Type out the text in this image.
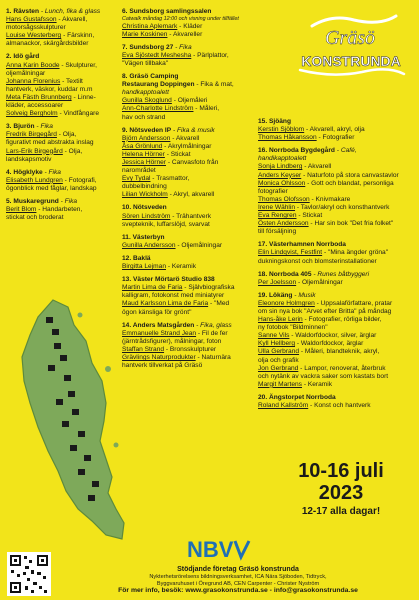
1. Rävsten - Lunch, fika & glass
Hans Gustafsson - Akvarell,
motorsågsskulpturer
Louise Westerberg - Färskinn,
almanackor, skärgårdsbilder
2. Idö gård
Anna Karin Boode - Skulpturer,
oljemålningar
Johanna Florenius - Textilt
hantverk, väskor, kuddar m.m
Meta Fästh Brunnberg - Linne-
kläder, accessoarer
Solveig Bergholm - Vindfångare
3. Bjurön - Fika
Fredrik Birgegård - Olja,
figurativt med abstrakta inslag
Lars-Erik Birgegård - Olja,
landskapsmotiv
4. Högklyke - Fika
Elisabeth Lundgren - Fotografi,
ögonblick med fåglar, landskap
5. Muskaregrund - Fika
Berit Blom - Handarbeten,
stickat och broderat
6. Sundsborg samlingssalen
Catwalk måndag 12:00 och visning under tillfället
Christina Aplemark - Kläder
Marie Koskinen - Akvareller
7. Sundsborg 27 - Fika
Eva Sjöstedt Meshesha - Pärlplattor,
"Vägen tillbaka"
8. Gräsö Camping
Restaurang Doppingen - Fika & mat,
handkapptoalett
Gunilla Skoglund - Oljemåleri
Ann-Charlotte Lindström - Måleri,
hav och strand
9. Nötsveden IP - Fika & musik
Björn Andersson - Akvarell
Åsa Grönlund - Akrylmålningar
Helena Hörner - Stickat
Jessica Hörner - Canvasfoto från
narområdet
Evy Tydal - Trasmattor,
dubbelbindning
Lilian Wickholm - Akryl, akvarell
10. Nötsveden
Sören Lindström - Trähantverk
svepteknik, luffarslöjd, svarvat
11. Västerbyn
Gunilla Andersson - Oljemålningar
12. Baklä
Birgitta Lejman - Keramik
13. Väster Mörtarö Studio 838
Martin Lima de Faria - Självbiografiska
kalligram, fotokonst med miniatyrer
Maud Karlsson Lima de Faria - "Med
ögon känsliga för grönt"
14. Anders Matsgården - Fika, glass
Emmanuelle Strand Jean - Fil de fer
(järntrådsfigurer), målningar, foton
Staffan Strand - Bronsskulpturer
Grävlings Naturprodukter - Naturnära
hantverk tillverkat på Gräsö
15. Sjöäng
Kerstin Sjöblom - Akvarell, akryl, olja
Thomas Håkansson - Fotografier
16. Norrboda Bygdegård - Café,
handikapptoalett
Sonja Lindberg - Akvarell
Anders Keyser - Naturfoto på stora canvastavlor
Monica Ohlsson - Gott och blandat, personliga
fotografier
Thomas Olofsson - Knivmakare
Irene Wählin - Tavlor/akryl och konsthantverk
Eva Rengren - Stickat
Östen Andersson - Har sin bok "Det fria folket"
till försäljning
17. Västerhamnen Norrboda
Elin Lindqvist, Festfint - "Mina ängder gröna"
dukningskonst och blomsterinstallationer
18. Norrboda 405 - Runes båtbyggeri
Per Joelsson - Oljemålningar
19. Lökäng - Musik
Eleonore Holmgren - Uppsalaförfattare, pratar
om sin nya bok "Arvet efter Britta" på måndag
Hans-åke Lerin - Fotografier, rörliga bilder,
ny fotobok "Bildminnen"
Sanne Vils - Waldorfdockor, silver, ärglar
Kyll Hellberg - Waldorfdockor, ärglar
Ulla Gerbrand - Måleri, blandteknik, akryl,
olja och grafik
Jon Gerbrand - Lampor, renoverat, återbruk
och nytänk av vackra saker som kastats bort
Margit Martens - Keramik
20. Ängstorpet Norrboda
Roland Kallström - Konst och hantverk
Gräsö
KONSTRUNDA
NBV
10-16 juli
2023
12-17 alla dagar!
Stödjande företag Gräsö konstrunda
Nykterhetsrörelsens bildningsverksamhet, ICA Nära Sjöboden, Tidtryck,
Byggvaruhuset i Öregrund AB, CEN Carpenter - Christer Nyström
För mer info, besök: www.grasokonstrunda.se - info@grasokonstrunda.se
